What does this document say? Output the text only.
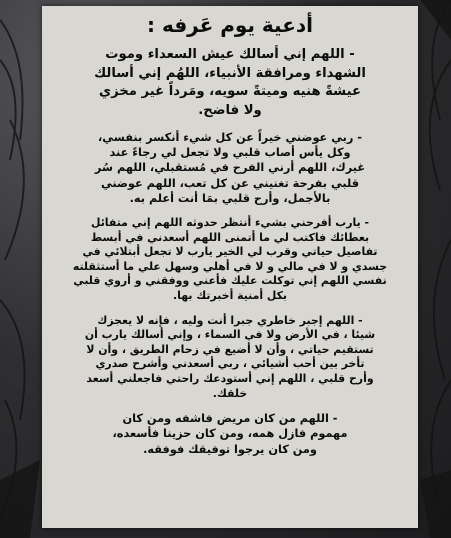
أدعية يوم عَرفه :

- اللهم إني أسالك عيش السعداء وموت
الشهداء ومرافقة الأنبياء، اللهُم إني أسالك
عيشةً هنيه وميتةً سويه، ومَرداً غير مخزي
ولا فاضح.

- ربي عوضني خيراً عن كل شيء أنكسر بنفسي،
وكل يأس أصاب قلبي ولا تجعل لي رجاءً عند
غيرك، اللهم أرني الفرح في مُستقبلي، اللهم سُر
قلبي بفرحة تغنيني عن كل تعب، اللهم عوضني
بالأجمل، وأرح قلبي بمَا أنت أعلم به.

- يارب أفرحني بشيء أنتظر حدوثه اللهم إني متفائل
بعطائك فاكتب لي ما أتمنى اللهم أسعدني في أبسط
تفاصيل حياتي وقرب لي الخير يارب لا تجعل أبتلائي في
جسدي و لا في مالي و لا في أهلي وسهل علي ما أستثقلته
نفسي اللهم إني توكلت عليك فأعني ووفقني و أروي قلبي
بكل أمنية أخبرتك بها.

- اللهم إجبر خاطري جبرا أنت وليه ، فإنه لا يعجزك
شيئا ، في الأرض ولا في السماء ، وإني أسالك يارب أن
تستقيم حياتي ، وأن لا أضيع في زحام الطريق ، وأن لا
تأخر بين أحب أشيائي ، ربي أسعدني وأشرح صدري
وأرح قلبي ، اللهم إني أستودعك راحتي فاجعلني أسعد
خلقك.

- اللهم من كان مريض فاشفه ومن كان
مهموم فازل همه، ومن كان حزينا فأسعده،
ومن كان يرجوا توفيقك فوفقه.
